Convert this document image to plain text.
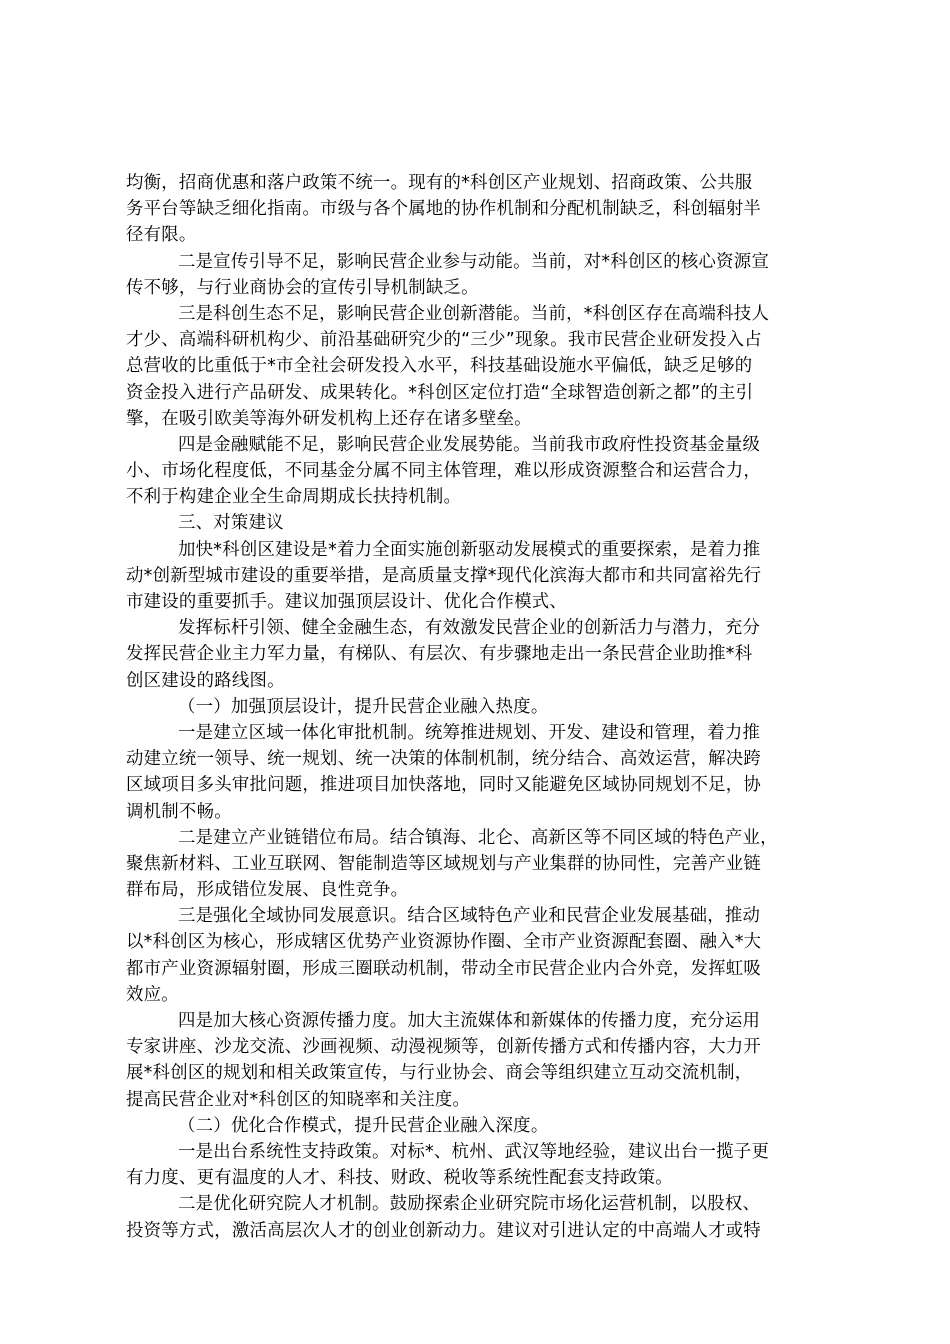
均衡，招商优惠和落户政策不统一。现有的*科创区产业规划、招商政策、公共服
务平台等缺乏细化指南。市级与各个属地的协作机制和分配机制缺乏，科创辐射半
径有限。
二是宣传引导不足，影响民营企业参与动能。当前，对*科创区的核心资源宣
传不够，与行业商协会的宣传引导机制缺乏。
三是科创生态不足，影响民营企业创新潜能。当前，*科创区存在高端科技人
才少、高端科研机构少、前沿基础研究少的“三少”现象。我市民营企业研发投入占
总营收的比重低于*市全社会研发投入水平，科技基础设施水平偏低，缺乏足够的
资金投入进行产品研发、成果转化。*科创区定位打造“全球智造创新之都”的主引
擎，在吸引欧美等海外研发机构上还存在诸多壁垒。
四是金融赋能不足，影响民营企业发展势能。当前我市政府性投资基金量级
小、市场化程度低，不同基金分属不同主体管理，难以形成资源整合和运营合力，
不利于构建企业全生命周期成长扶持机制。
三、对策建议
加快*科创区建设是*着力全面实施创新驱动发展模式的重要探索，是着力推
动*创新型城市建设的重要举措，是高质量支撑*现代化滨海大都市和共同富裕先行
市建设的重要抓手。建议加强顶层设计、优化合作模式、
发挥标杆引领、健全金融生态，有效激发民营企业的创新活力与潜力，充分
发挥民营企业主力军力量，有梯队、有层次、有步骤地走出一条民营企业助推*科
创区建设的路线图。
（一）加强顶层设计，提升民营企业融入热度。
一是建立区域一体化审批机制。统筹推进规划、开发、建设和管理，着力推
动建立统一领导、统一规划、统一决策的体制机制，统分结合、高效运营，解决跨
区域项目多头审批问题，推进项目加快落地，同时又能避免区域协同规划不足，协
调机制不畅。
二是建立产业链错位布局。结合镇海、北仑、高新区等不同区域的特色产业，
聚焦新材料、工业互联网、智能制造等区域规划与产业集群的协同性，完善产业链
群布局，形成错位发展、良性竞争。
三是强化全域协同发展意识。结合区域特色产业和民营企业发展基础，推动
以*科创区为核心，形成辖区优势产业资源协作圈、全市产业资源配套圈、融入*大
都市产业资源辐射圈，形成三圈联动机制，带动全市民营企业内合外竞，发挥虹吸
效应。
四是加大核心资源传播力度。加大主流媒体和新媒体的传播力度，充分运用
专家讲座、沙龙交流、沙画视频、动漫视频等，创新传播方式和传播内容，大力开
展*科创区的规划和相关政策宣传，与行业协会、商会等组织建立互动交流机制，
提高民营企业对*科创区的知晓率和关注度。
（二）优化合作模式，提升民营企业融入深度。
一是出台系统性支持政策。对标*、杭州、武汉等地经验，建议出台一揽子更
有力度、更有温度的人才、科技、财政、税收等系统性配套支持政策。
二是优化研究院人才机制。鼓励探索企业研究院市场化运营机制，以股权、
投资等方式，激活高层次人才的创业创新动力。建议对引进认定的中高端人才或特
